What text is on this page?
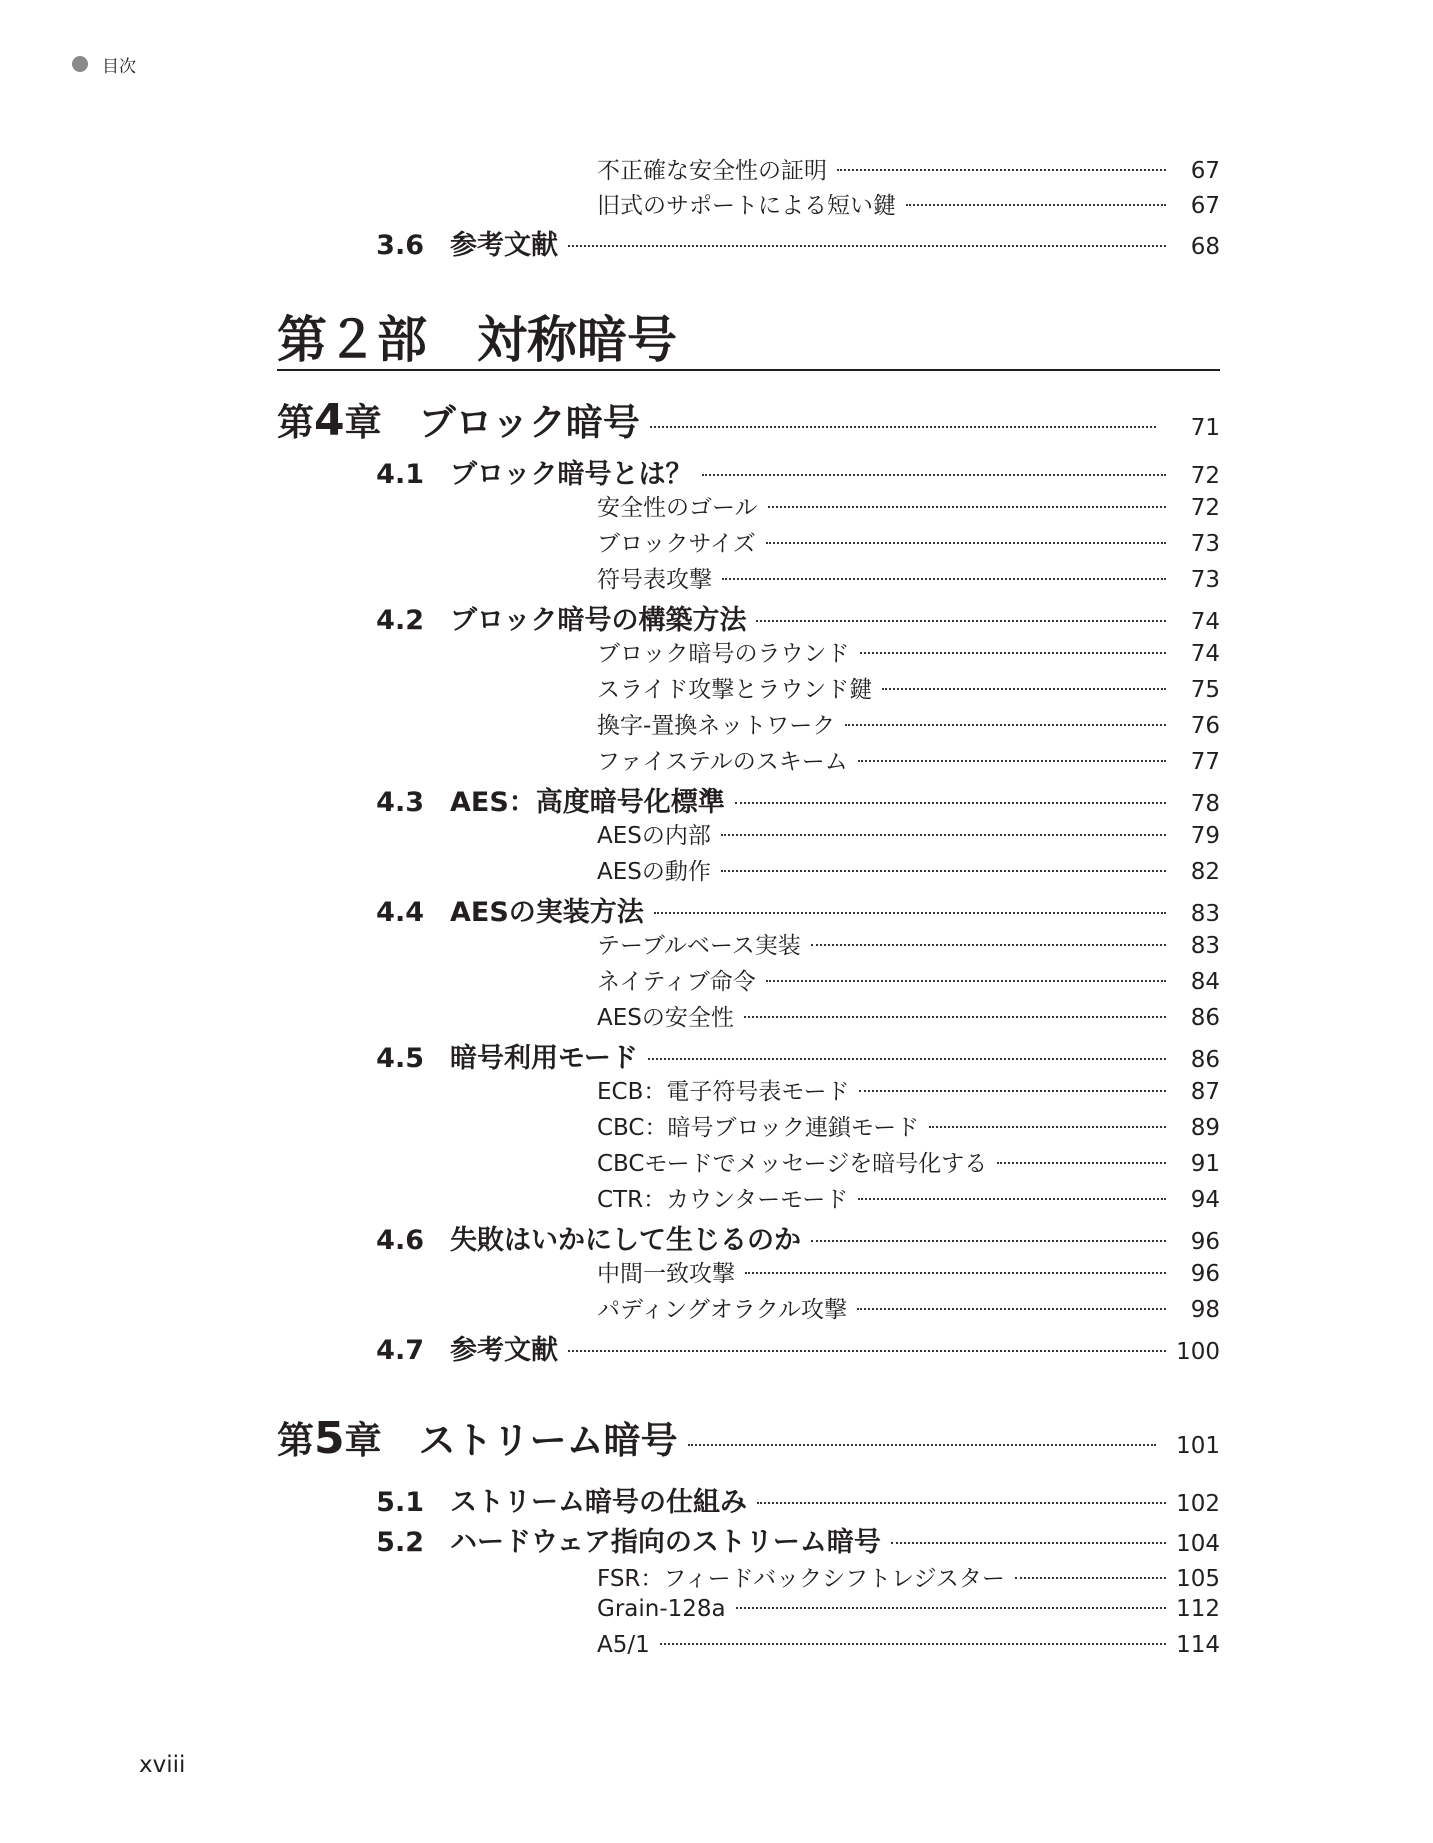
目次
不正確な安全性の証明	67
旧式のサポートによる短い鍵	67
3.6 参考文献	68
第4章　ブロック暗号	71
4.1 ブロック暗号とは？	72
安全性のゴール	72
ブロックサイズ	73
符号表攻撃	73
4.2 ブロック暗号の構築方法	74
ブロック暗号のラウンド	74
スライド攻撃とラウンド鍵	75
換字-置換ネットワーク	76
ファイステルのスキーム	77
4.3 AES：高度暗号化標準	78
AESの内部	79
AESの動作	82
4.4 AESの実装方法	83
テーブルベース実装	83
ネイティブ命令	84
AESの安全性	86
4.5 暗号利用モード	86
ECB：電子符号表モード	87
CBC：暗号ブロック連鎖モード	89
CBCモードでメッセージを暗号化する	91
CTR：カウンターモード	94
4.6 失敗はいかにして生じるのか	96
中間一致攻撃	96
パディングオラクル攻撃	98
4.7 参考文献	100
第5章　ストリーム暗号	101
5.1 ストリーム暗号の仕組み	102
5.2 ハードウェア指向のストリーム暗号	104
FSR：フィードバックシフトレジスター	105
Grain-128a	112
A5/1	114
第２部　対称暗号
xviii
